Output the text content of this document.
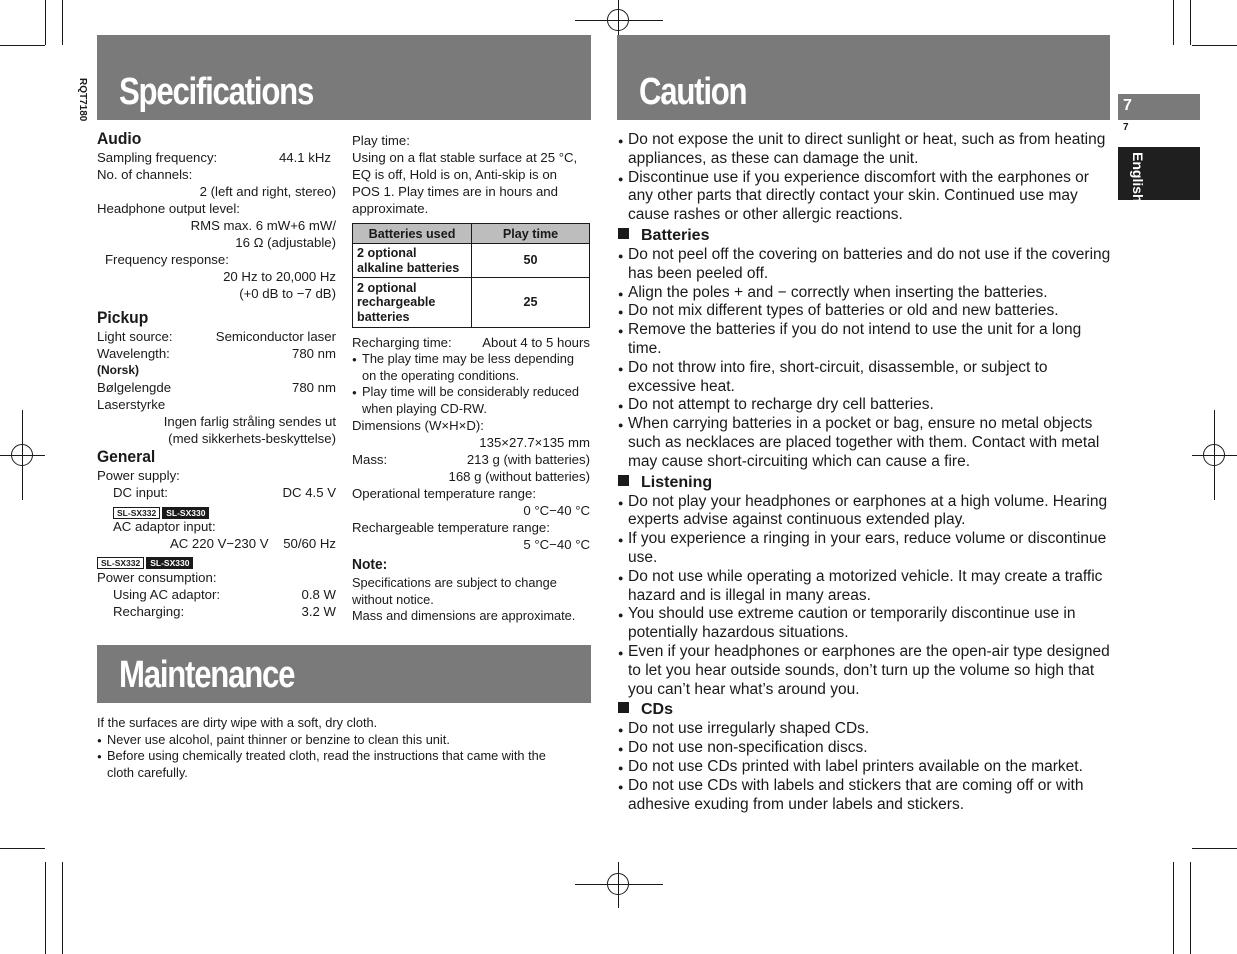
RQT7180 Specifications
Audio
Sampling frequency:	44.1 kHz
No. of channels:
2 (left and right, stereo)
Headphone output level:
RMS max. 6 mW+6 mW/
16 Ω (adjustable)
Frequency response:
20 Hz to 20,000 Hz
(+0 dB to −7 dB)
Pickup
Light source:	Semiconductor laser
Wavelength:	780 nm
(Norsk)
Bølgelengde	780 nm
Laserstyrke
Ingen farlig stråling sendes ut
(med sikkerhets-beskyttelse)
General
Power supply:
DC input:	DC 4.5 V
SL-SX332 SL-SX330
AC adaptor input:
AC 220 V−230 V    50/60 Hz
SL-SX332 SL-SX330
Power consumption:
Using AC adaptor:	0.8 W
Recharging:	3.2 W
Play time:
Using on a flat stable surface at 25 °C,
EQ is off, Hold is on, Anti-skip is on
POS 1. Play times are in hours and
approximate.
Batteries used	Play time

2 optional
alkaline batteries	50

2 optional
rechargeable
batteries	25
Recharging time: About 4 to 5 hours
● The play time may be less depending
on the operating conditions.
● Play time will be considerably reduced
when playing CD-RW.
Dimensions (W×H×D):
135×27.7×135 mm
Mass:	213 g (with batteries)
168 g (without batteries)
Operational temperature range:
0 °C−40 °C
Rechargeable temperature range:
5 °C−40 °C
Note:
Specifications are subject to change
without notice.
Mass and dimensions are approximate.
Maintenance
If the surfaces are dirty wipe with a soft, dry cloth.
● Never use alcohol, paint thinner or benzine to clean this unit.
● Before using chemically treated cloth, read the instructions that came with the
cloth carefully.
Caution	7
7
English
● Do not expose the unit to direct sunlight or heat, such as from heating appliances, as these can damage the unit.
● Discontinue use if you experience discomfort with the earphones or any other parts that directly contact your skin. Continued use may cause rashes or other allergic reactions.
Batteries
● Do not peel off the covering on batteries and do not use if the covering has been peeled off.
● Align the poles + and − correctly when inserting the batteries.
● Do not mix different types of batteries or old and new batteries.
● Remove the batteries if you do not intend to use the unit for a long time.
● Do not throw into fire, short-circuit, disassemble, or subject to excessive heat.
● Do not attempt to recharge dry cell batteries.
● When carrying batteries in a pocket or bag, ensure no metal objects such as necklaces are placed together with them. Contact with metal may cause short-circuiting which can cause a fire.
Listening
● Do not play your headphones or earphones at a high volume. Hearing experts advise against continuous extended play.
● If you experience a ringing in your ears, reduce volume or discontinue use.
● Do not use while operating a motorized vehicle. It may create a traffic hazard and is illegal in many areas.
● You should use extreme caution or temporarily discontinue use in potentially hazardous situations.
● Even if your headphones or earphones are the open-air type designed to let you hear outside sounds, don’t turn up the volume so high that you can’t hear what’s around you.
CDs
● Do not use irregularly shaped CDs.
● Do not use non-specification discs.
● Do not use CDs printed with label printers available on the market.
● Do not use CDs with labels and stickers that are coming off or with adhesive exuding from under labels and stickers.
